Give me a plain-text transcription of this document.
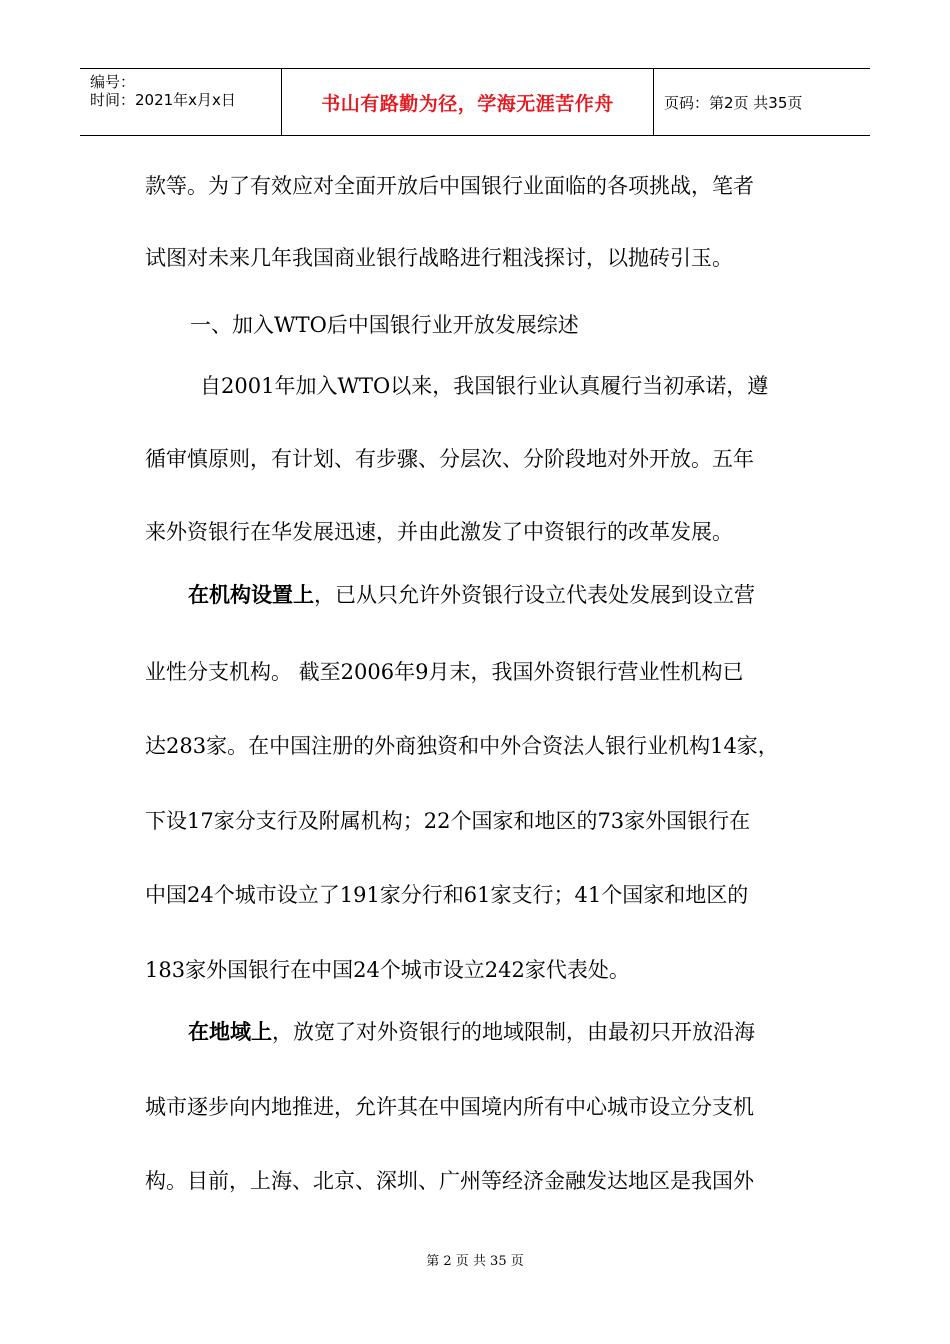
编号：
时间：2021年x月x日	书山有路勤为径，学海无涯苦作舟	页码：第2页 共35页
款等。为了有效应对全面开放后中国银行业面临的各项挑战，笔者
试图对未来几年我国商业银行战略进行粗浅探讨，以抛砖引玉。
一、加入WTO后中国银行业开放发展综述
自2001年加入WTO以来，我国银行业认真履行当初承诺，遵
循审慎原则，有计划、有步骤、分层次、分阶段地对外开放。五年
来外资银行在华发展迅速，并由此激发了中资银行的改革发展。
在机构设置上，已从只允许外资银行设立代表处发展到设立营
业性分支机构。 截至2006年9月末，我国外资银行营业性机构已
达283家。在中国注册的外商独资和中外合资法人银行业机构14家，
下设17家分支行及附属机构；22个国家和地区的73家外国银行在
中国24个城市设立了191家分行和61家支行；41个国家和地区的
183家外国银行在中国24个城市设立242家代表处。
在地域上，放宽了对外资银行的地域限制，由最初只开放沿海
城市逐步向内地推进，允许其在中国境内所有中心城市设立分支机
构。目前，上海、北京、深圳、广州等经济金融发达地区是我国外
第 2 页 共 35 页
